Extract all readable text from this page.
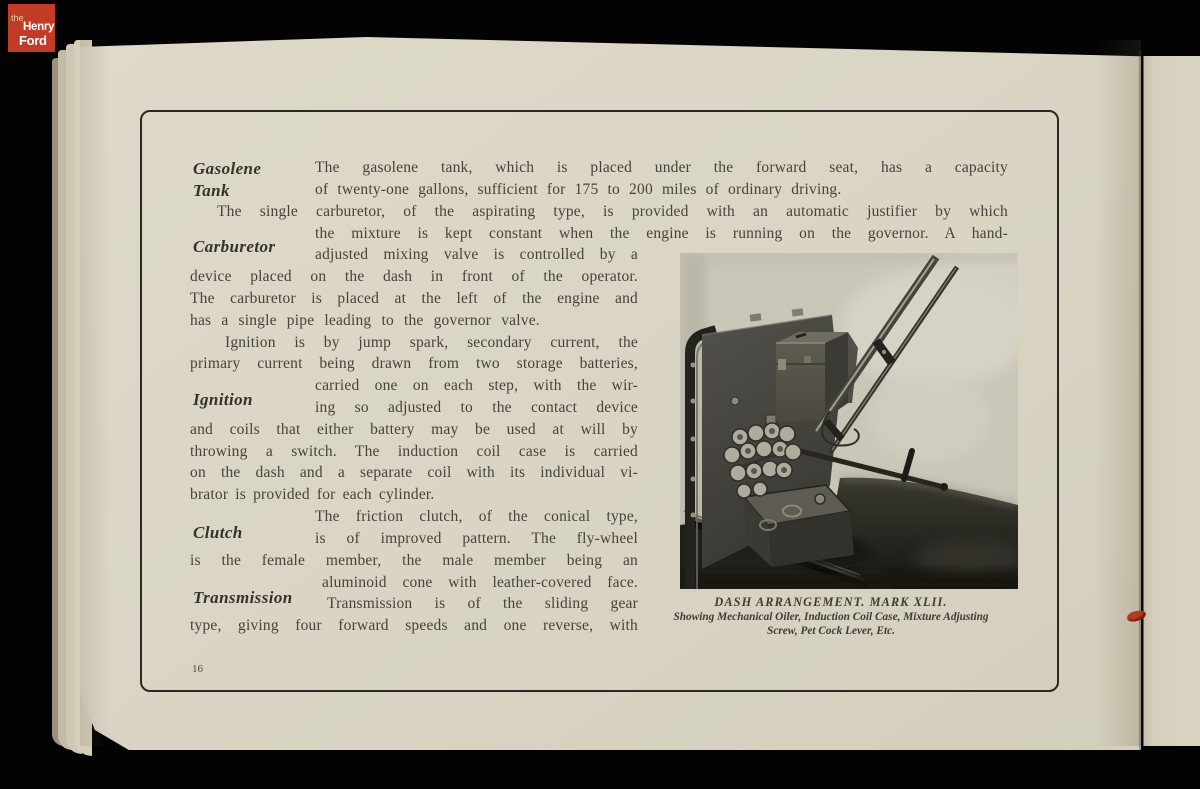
the
Henry
Ford
Gasolene
Tank
Carburetor
Ignition
Clutch
Transmission
The gasolene tank, which is placed under the forward seat, has a capacity
of twenty-one gallons, sufficient for 175 to 200 miles of ordinary driving.
The single carburetor, of the aspirating type, is provided with an automatic justifier by which
the mixture is kept constant when the engine is running on the governor. A hand-
adjusted mixing valve is controlled by a
device placed on the dash in front of the operator.
The carburetor is placed at the left of the engine and
has a single pipe leading to the governor valve.
Ignition is by jump spark, secondary current, the
primary current being drawn from two storage batteries,
carried one on each step, with the wir-
ing so adjusted to the contact device
and coils that either battery may be used at will by
throwing a switch. The induction coil case is carried
on the dash and a separate coil with its individual vi-
brator is provided for each cylinder.
The friction clutch, of the conical type,
is of improved pattern. The fly-wheel
is the female member, the male member being an
aluminoid cone with leather-covered face.
Transmission is of the sliding gear
type, giving four forward speeds and one reverse, with
16
DASH ARRANGEMENT. MARK XLII.
Showing Mechanical Oiler, Induction Coil Case, Mixture Adjusting
Screw, Pet Cock Lever, Etc.
